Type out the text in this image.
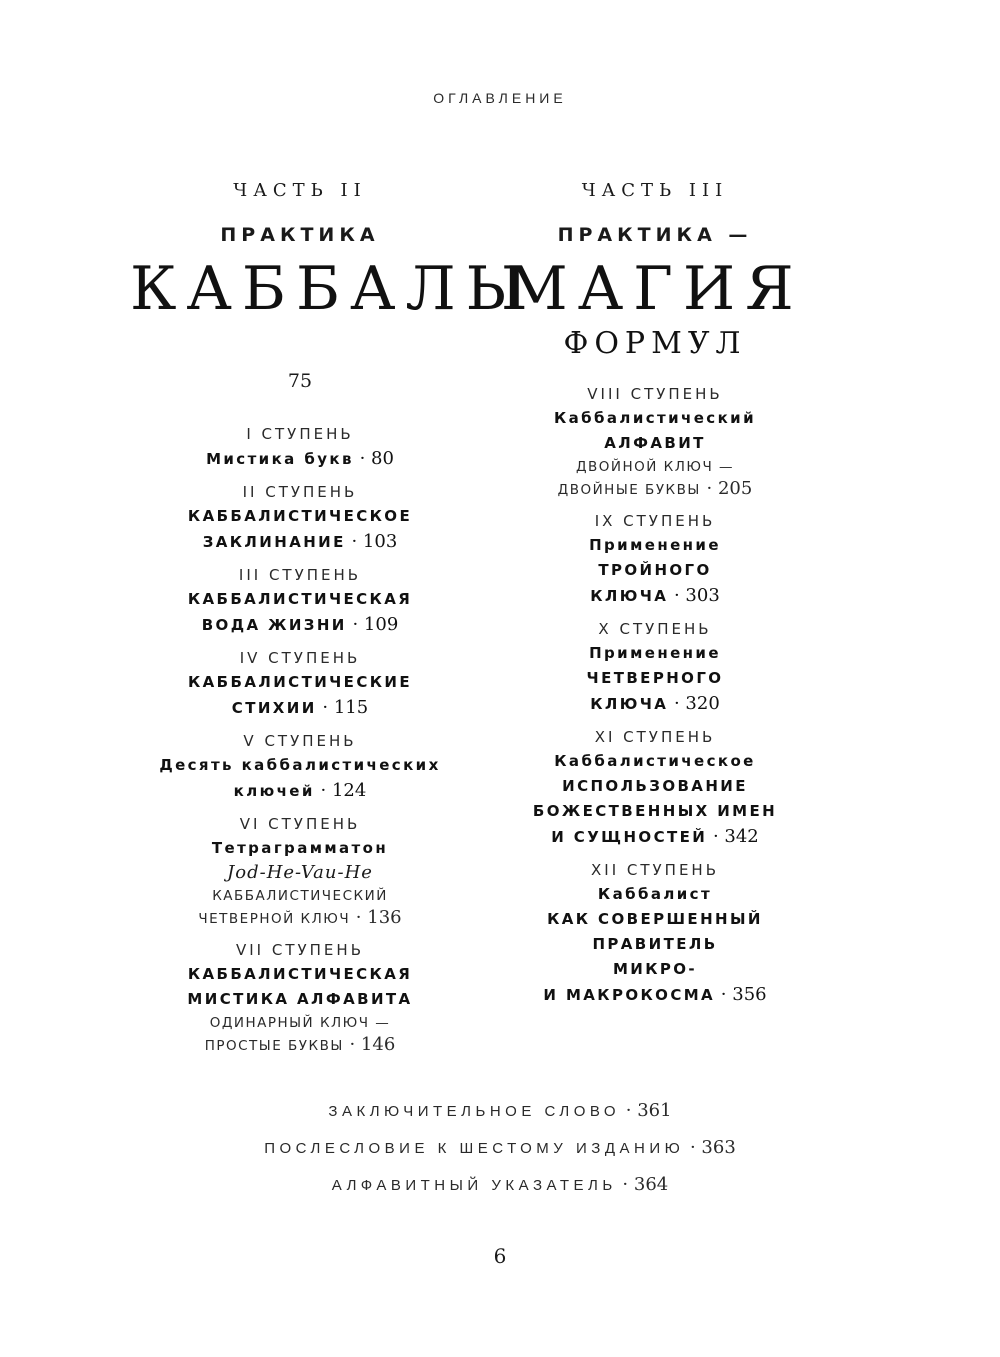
ОГЛАВЛЕНИЕ
ЧАСТЬ II
ПРАКТИКА
КАББАЛЫ
75
I СТУПЕНЬ
Мистика букв · 80
II СТУПЕНЬ
КАББАЛИСТИЧЕСКОЕ
ЗАКЛИНАНИЕ · 103
III СТУПЕНЬ
КАББАЛИСТИЧЕСКАЯ
ВОДА ЖИЗНИ · 109
IV СТУПЕНЬ
КАББАЛИСТИЧЕСКИЕ
СТИХИИ · 115
V СТУПЕНЬ
Десять каббалистических
ключей · 124
VI СТУПЕНЬ
Тетраграмматон
Jod-He-Vau-He
КАББАЛИСТИЧЕСКИЙ
ЧЕТВЕРНОЙ КЛЮЧ · 136
VII СТУПЕНЬ
КАББАЛИСТИЧЕСКАЯ
МИСТИКА АЛФАВИТА
ОДИНАРНЫЙ КЛЮЧ —
ПРОСТЫЕ БУКВЫ · 146
ЧАСТЬ III
ПРАКТИКА —
МАГИЯ
ФОРМУЛ
VIII СТУПЕНЬ
Каббалистический
АЛФАВИТ
ДВОЙНОЙ КЛЮЧ —
ДВОЙНЫЕ БУКВЫ · 205
IX СТУПЕНЬ
Применение
ТРОЙНОГО
КЛЮЧА · 303
X СТУПЕНЬ
Применение
ЧЕТВЕРНОГО
КЛЮЧА · 320
XI СТУПЕНЬ
Каббалистическое
ИСПОЛЬЗОВАНИЕ
БОЖЕСТВЕННЫХ ИМЕН
И СУЩНОСТЕЙ · 342
XII СТУПЕНЬ
Каббалист
КАК СОВЕРШЕННЫЙ
ПРАВИТЕЛЬ
МИКРО-
И МАКРОКОСМА · 356
ЗАКЛЮЧИТЕЛЬНОЕ СЛОВО · 361
ПОСЛЕСЛОВИЕ К ШЕСТОМУ ИЗДАНИЮ · 363
АЛФАВИТНЫЙ УКАЗАТЕЛЬ · 364
6
